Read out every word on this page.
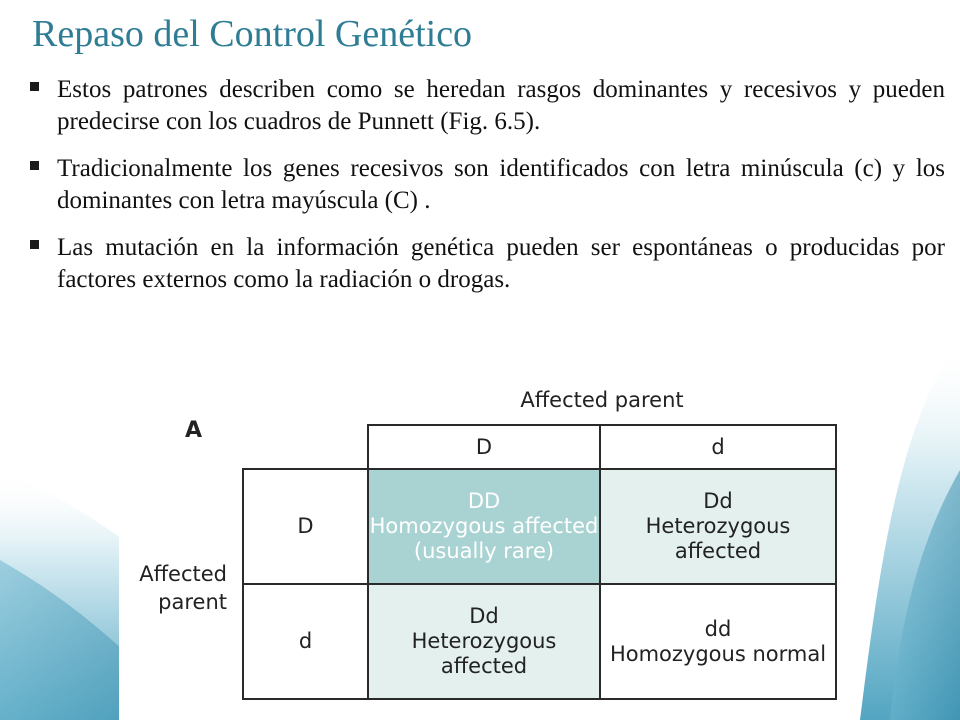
Repaso del Control Genético
Estos patrones describen como se heredan rasgos dominantes y recesivos y pueden predecirse con los cuadros de Punnett (Fig. 6.5).
Tradicionalmente los genes recesivos son identificados con letra minúscula (c) y los dominantes con letra mayúscula (C) .
Las mutación en la información genética pueden ser espontáneas o producidas por factores externos como la radiación o drogas.
A
Affected parent
Affected
parent
D	d
D
d
DD
Homozygous affected
(usually rare)
Dd
Heterozygous affected
Dd
Heterozygous affected
dd
Homozygous normal
